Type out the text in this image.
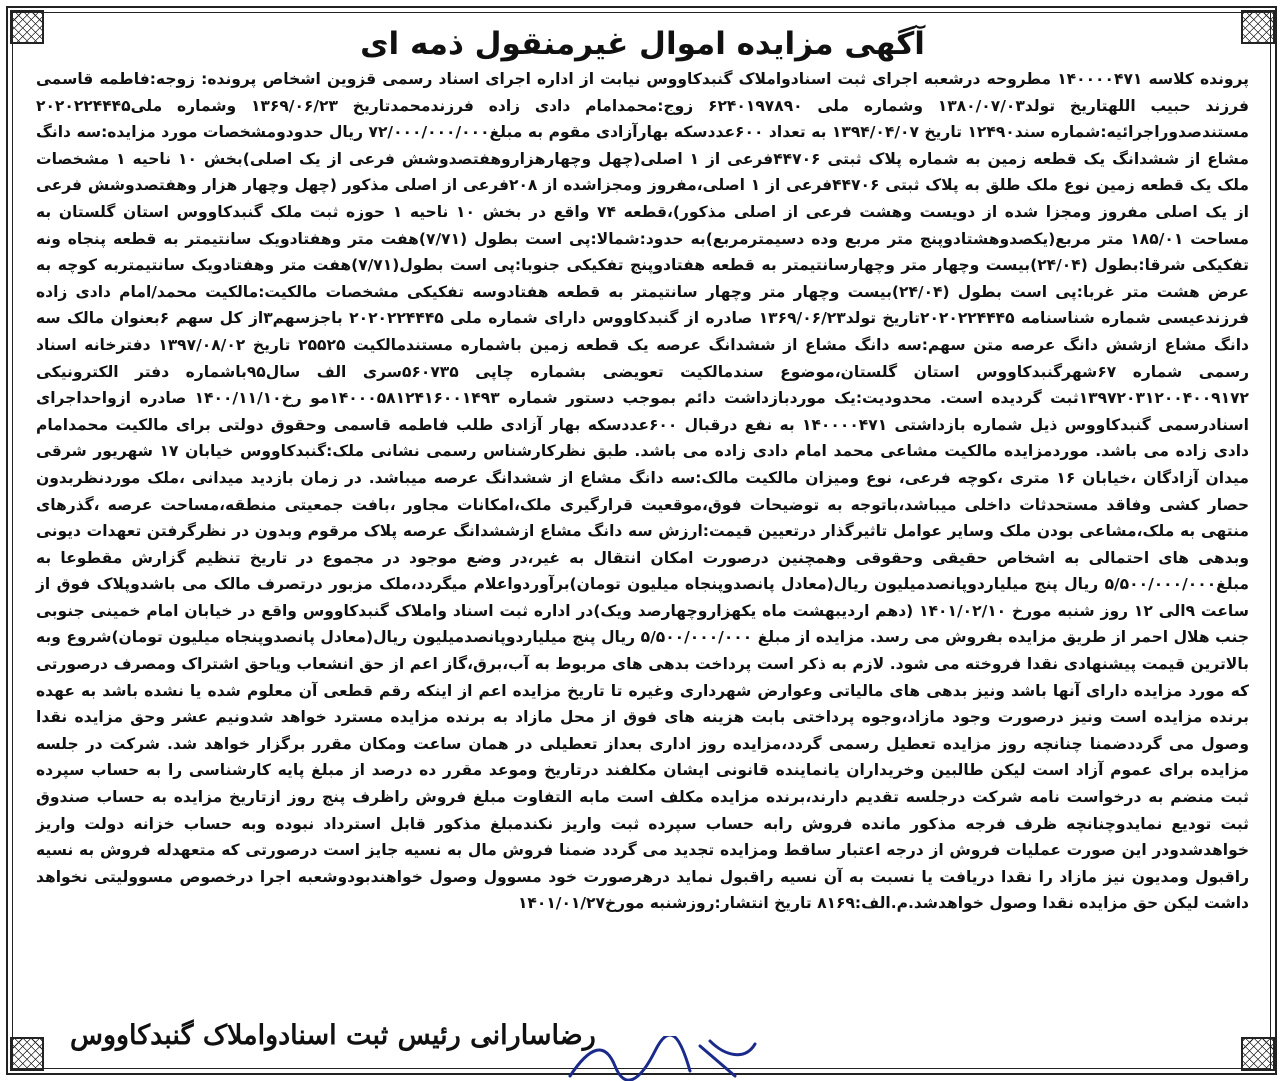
آگهی مزایده اموال غیرمنقول ذمه ای

پرونده کلاسه ۱۴۰۰۰۰۴۷۱ مطروحه درشعبه اجرای ثبت اسنادواملاک گنبدکاووس نیابت از اداره اجرای اسناد رسمی قزوین اشخاص پرونده: زوجه:فاطمه قاسمی فرزند حبیب اللهتاریخ تولد۱۳۸۰/۰۷/۰۳ وشماره ملی ۶۲۴۰۱۹۷۸۹۰ زوج:محمدامام دادی زاده فرزندمحمدتاریخ ۱۳۶۹/۰۶/۲۳ وشماره ملی۲۰۲۰۲۲۴۴۴۵ مستندصدوراجرائیه:شماره سند۱۲۴۹۰ تاریخ ۱۳۹۴/۰۴/۰۷ به تعداد ۶۰۰عددسکه بهارآزادی مقوم به مبلغ۷۲/۰۰۰/۰۰۰/۰۰۰ ریال حدودومشخصات مورد مزایده:سه دانگ مشاع از ششدانگ یک قطعه زمین به شماره پلاک ثبتی ۴۴۷۰۶فرعی از ۱ اصلی(چهل وچهارهزاروهفتصدوشش فرعی از یک اصلی)بخش ۱۰ ناحیه ۱ مشخصات ملک یک قطعه زمین نوع ملک طلق به پلاک ثبتی ۴۴۷۰۶فرعی از ۱ اصلی،مفروز ومجزاشده از ۲۰۸فرعی از اصلی مذکور (چهل وچهار هزار وهفتصدوشش فرعی از یک اصلی مفروز ومجزا شده از دویست وهشت فرعی از اصلی مذکور)،قطعه ۷۴ واقع در بخش ۱۰ ناحیه ۱ حوزه ثبت ملک گنبدکاووس استان گلستان به مساحت ۱۸۵/۰۱ متر مربع(یکصدوهشتادوپنج متر مربع وده دسیمترمربع)به حدود:شمالا:پی است بطول (۷/۷۱)هفت متر وهفتادویک سانتیمتر به قطعه پنجاه ونه تفکیکی شرقا:بطول (۲۴/۰۴)بیست وچهار متر وچهارسانتیمتر به قطعه هفتادوپنج تفکیکی جنوبا:پی است بطول(۷/۷۱)هفت متر وهفتادویک سانتیمتربه کوچه به عرض هشت متر غربا:پی است بطول (۲۴/۰۴)بیست وچهار متر وچهار سانتیمتر به قطعه هفتادوسه تفکیکی مشخصات مالکیت:مالکیت محمد/امام دادی زاده فرزندعیسی شماره شناسنامه ۲۰۲۰۲۲۴۴۴۵تاریخ تولد۱۳۶۹/۰۶/۲۳ صادره از گنبدکاووس دارای شماره ملی ۲۰۲۰۲۲۴۴۴۵ باجزسهم۳از کل سهم ۶بعنوان مالک سه دانگ مشاع ازشش دانگ عرصه متن سهم:سه دانگ مشاع از ششدانگ عرصه یک قطعه زمین باشماره مستندمالکیت ۲۵۵۲۵ تاریخ ۱۳۹۷/۰۸/۰۲ دفترخانه اسناد رسمی شماره ۶۷شهرگنبدکاووس استان گلستان،موضوع سندمالکیت تعویضی بشماره چاپی ۵۶۰۷۳۵سری الف سال۹۵باشماره دفتر الکترونیکی ۱۳۹۷۲۰۳۱۲۰۰۴۰۰۹۱۷۲ثبت گردیده است. محدودیت:یک موردبازداشت دائم بموجب دستور شماره ۱۴۰۰۰۵۸۱۲۴۱۶۰۰۱۴۹۳مو رخ۱۴۰۰/۱۱/۱۰ صادره ازواحداجرای اسنادرسمی گنبدکاووس ذیل شماره بازداشتی ۱۴۰۰۰۰۴۷۱ به نفع درقبال ۶۰۰عددسکه بهار آزادی طلب فاطمه قاسمی وحقوق دولتی برای مالکیت محمدامام دادی زاده می باشد. موردمزایده مالکیت مشاعی محمد امام دادی زاده می باشد. طبق نظرکارشناس رسمی نشانی ملک:گنبدکاووس خیابان ۱۷ شهریور شرقی میدان آزادگان ،خیابان ۱۶ متری ،کوچه فرعی، نوع ومیزان مالکیت مالک:سه دانگ مشاع از ششدانگ عرصه میباشد. در زمان بازدید میدانی ،ملک موردنظربدون حصار کشی وفاقد مستحدثات داخلی میباشد،باتوجه به توضیحات فوق،موقعیت قرارگیری ملک،امکانات مجاور ،بافت جمعیتی منطقه،مساحت عرصه ،گذرهای منتهی به ملک،مشاعی بودن ملک وسایر عوامل تاثیرگذار درتعیین قیمت:ارزش سه دانگ مشاع ازششدانگ عرصه پلاک مرقوم وبدون در نظرگرفتن تعهدات دیونی وبدهی های احتمالی به اشخاص حقیقی وحقوقی وهمچنین درصورت امکان انتقال به غیر،در وضع موجود در مجموع در تاریخ تنظیم گزارش مقطوعا به مبلغ۵/۵۰۰/۰۰۰/۰۰۰ ریال پنج میلیاردوپانصدمیلیون ریال(معادل پانصدوپنجاه میلیون تومان)برآوردواعلام میگردد،ملک مزبور درتصرف مالک می باشدوپلاک فوق از ساعت ۹الی ۱۲ روز شنبه مورخ ۱۴۰۱/۰۲/۱۰ (دهم اردیبهشت ماه یکهزاروچهارصد ویک)در اداره ثبت اسناد واملاک گنبدکاووس واقع در خیابان امام خمینی جنوبی جنب هلال احمر از طریق مزایده بفروش می رسد. مزایده از مبلغ ۵/۵۰۰/۰۰۰/۰۰۰ ریال پنج میلیاردوپانصدمیلیون ریال(معادل پانصدوپنجاه میلیون تومان)شروع وبه بالاترین قیمت پیشنهادی نقدا فروخته می شود. لازم به ذکر است پرداخت بدهی های مربوط به آب،برق،گاز اعم از حق انشعاب ویاحق اشتراک ومصرف درصورتی که مورد مزایده دارای آنها باشد ونیز بدهی های مالیاتی وعوارض شهرداری وغیره تا تاریخ مزایده اعم از اینکه رقم قطعی آن معلوم شده یا نشده باشد به عهده برنده مزایده است ونیز درصورت وجود مازاد،وجوه پرداختی بابت هزینه های فوق از محل مازاد به برنده مزایده مسترد خواهد شدونیم عشر وحق مزایده نقدا وصول می گرددضمنا چنانچه روز مزایده تعطیل رسمی گردد،مزایده روز اداری بعداز تعطیلی در همان ساعت ومکان مقرر برگزار خواهد شد. شرکت در جلسه مزایده برای عموم آزاد است لیکن طالبین وخریداران یانماینده قانونی ایشان مکلفند درتاریخ وموعد مقرر ده درصد از مبلغ پایه کارشناسی را به حساب سپرده ثبت منضم به درخواست نامه شرکت درجلسه تقدیم دارند،برنده مزایده مکلف است مابه التفاوت مبلغ فروش راظرف پنج روز ازتاریخ مزایده به حساب صندوق ثبت تودیع نمایدوچنانچه ظرف فرجه مذکور مانده فروش رابه حساب سپرده ثبت واریز نکندمبلغ مذکور قابل استرداد نبوده وبه حساب خزانه دولت واریز خواهدشدودر این صورت عملیات فروش از درجه اعتبار ساقط ومزایده تجدید می گردد ضمنا فروش مال به نسیه جایز است درصورتی که متعهدله فروش به نسیه راقبول ومدیون نیز مازاد را نقدا دریافت یا نسبت به آن نسیه راقبول نماید درهرصورت خود مسوول وصول خواهندبودوشعبه اجرا درخصوص مسوولیتی نخواهد داشت لیکن حق مزایده نقدا وصول خواهدشد.م.الف:۸۱۶۹ تاریخ انتشار:روزشنبه مورخ۱۴۰۱/۰۱/۲۷

رضاسارانی رئیس ثبت اسنادواملاک گنبدکاووس
